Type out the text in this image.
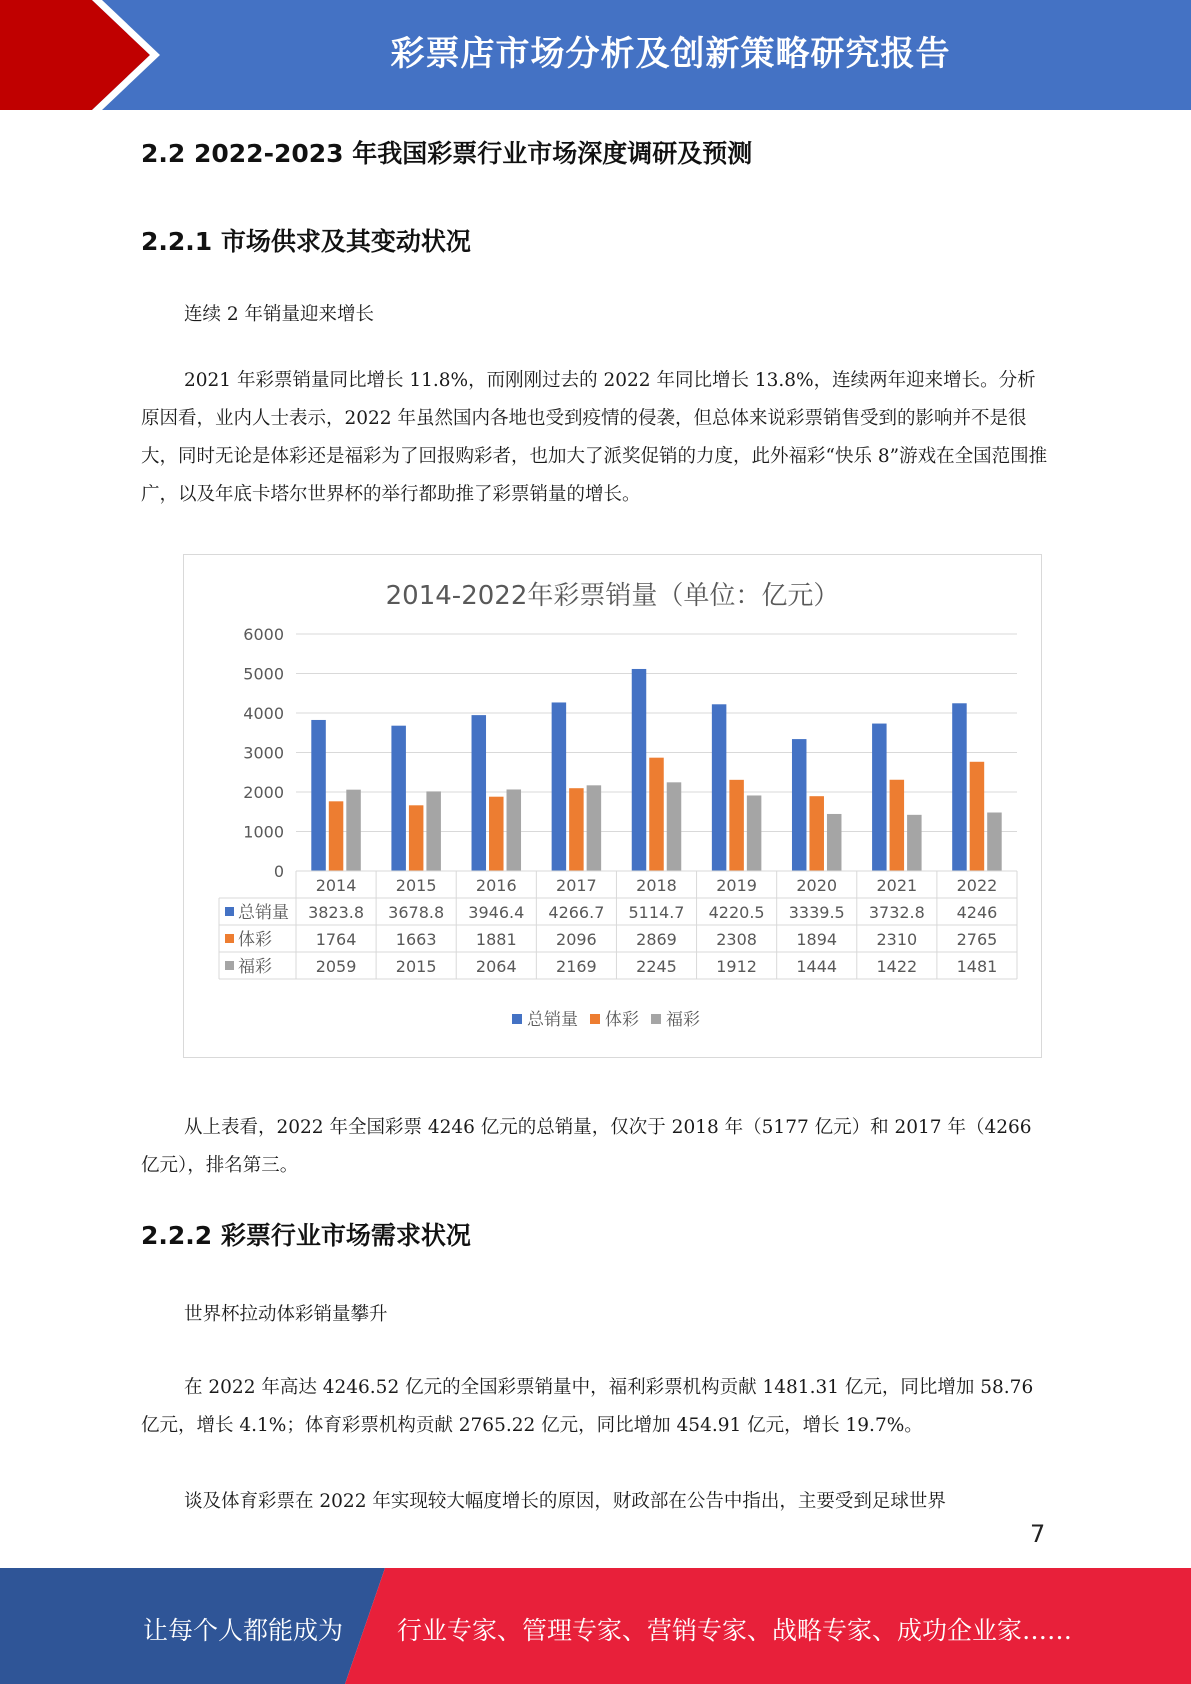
彩票店市场分析及创新策略研究报告
2.2 2022-2023 年我国彩票行业市场深度调研及预测
2.2.1 市场供求及其变动状况
连续 2 年销量迎来增长
2021 年彩票销量同比增长 11.8%，而刚刚过去的 2022 年同比增长 13.8%，连续两年迎来增长。分析原因看，业内人士表示，2022 年虽然国内各地也受到疫情的侵袭，但总体来说彩票销售受到的影响并不是很大，同时无论是体彩还是福彩为了回报购彩者，也加大了派奖促销的力度，此外福彩“快乐 8”游戏在全国范围推广，以及年底卡塔尔世界杯的举行都助推了彩票销量的增长。
2014-2022年彩票销量（单位：亿元）
0
1000
2000
3000
4000
5000
6000
2014 2015 2016 2017 2018 2019 2020 2021 2022
总销量 3823.8 3678.8 3946.4 4266.7 5114.7 4220.5 3339.5 3732.8 4246
体彩	1764 1663 1881 2096 2869 2308 1894 2310 2765
福彩	2059 2015 2064 2169 2245 1912 1444 1422 1481
总销量 体彩 福彩
从上表看，2022 年全国彩票 4246 亿元的总销量，仅次于 2018 年（5177 亿元）和 2017 年（4266 亿元），排名第三。
2.2.2 彩票行业市场需求状况
世界杯拉动体彩销量攀升
在 2022 年高达 4246.52 亿元的全国彩票销量中，福利彩票机构贡献 1481.31 亿元，同比增加 58.76 亿元，增长 4.1%；体育彩票机构贡献 2765.22 亿元，同比增加 454.91 亿元，增长 19.7%。
谈及体育彩票在 2022 年实现较大幅度增长的原因，财政部在公告中指出，主要受到足球世界
7
让每个人都能成为 行业专家、管理专家、营销专家、战略专家、成功企业家……
